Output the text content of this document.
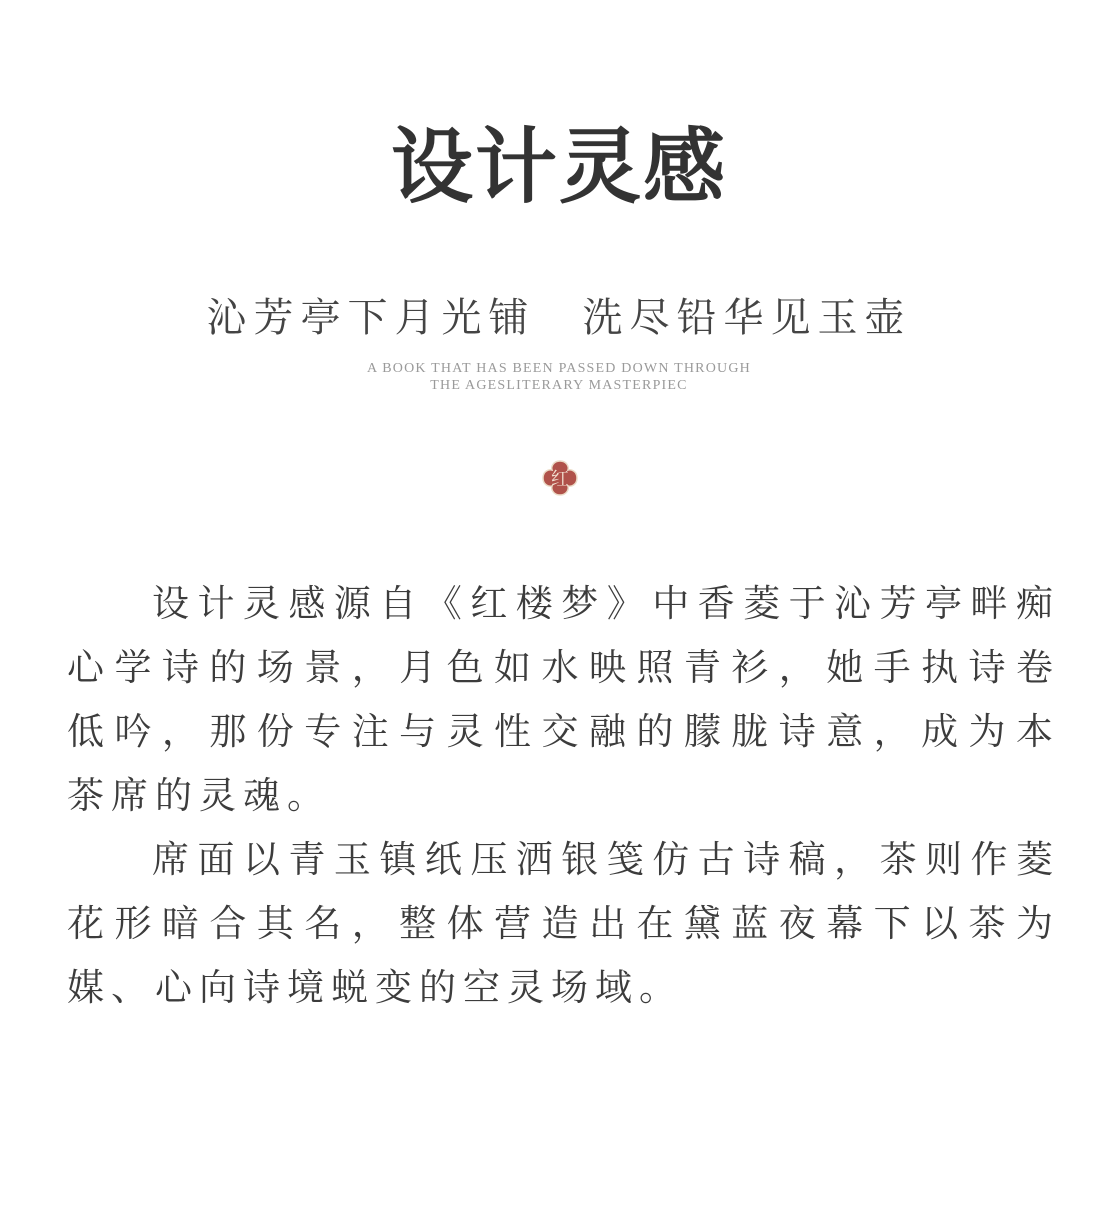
设计灵感
沁芳亭下月光铺　洗尽铅华见玉壶
A BOOK THAT HAS BEEN PASSED DOWN THROUGH
THE AGESLITERARY MASTERPIEC
红
设计灵感源自《红楼梦》中香菱于沁芳亭畔痴
心学诗的场景，月色如水映照青衫，她手执诗卷
低吟，那份专注与灵性交融的朦胧诗意，成为本
茶席的灵魂。
席面以青玉镇纸压洒银笺仿古诗稿，茶则作菱
花形暗合其名，整体营造出在黛蓝夜幕下以茶为
媒、心向诗境蜕变的空灵场域。
